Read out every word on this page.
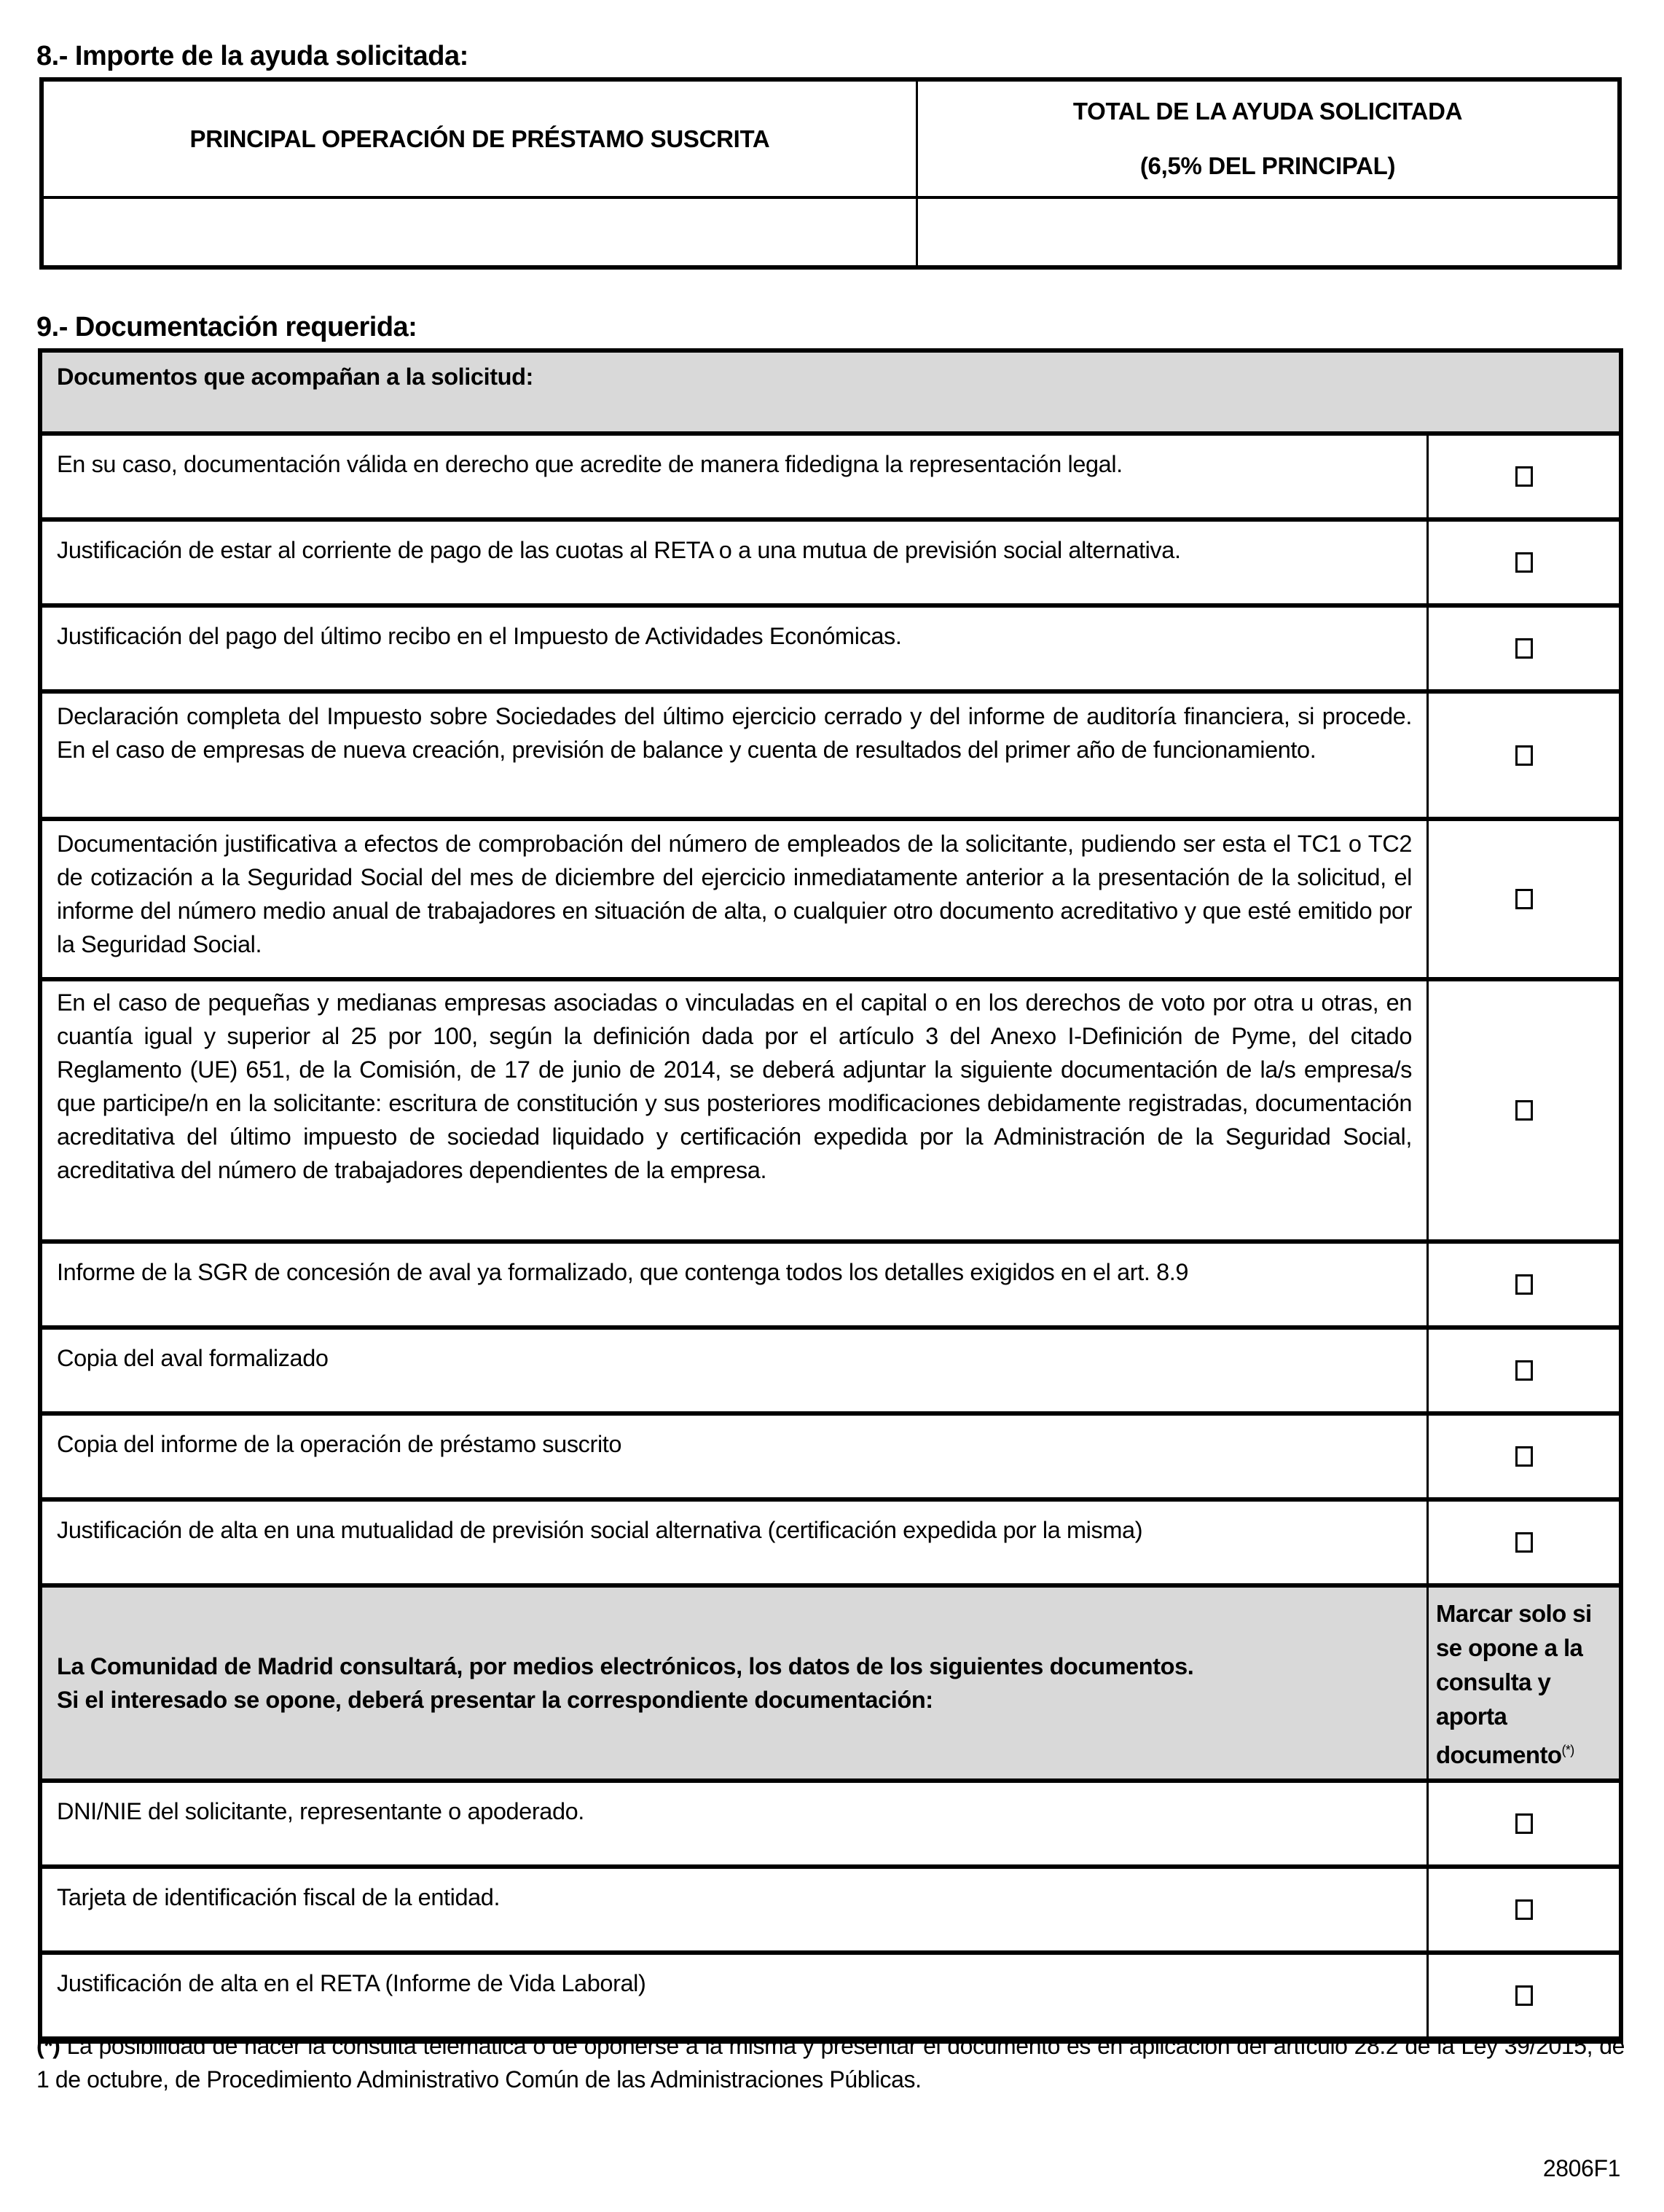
8.- Importe de la ayuda solicitada:
PRINCIPAL OPERACIÓN DE PRÉSTAMO SUSCRITA
TOTAL DE LA AYUDA SOLICITADA
(6,5% DEL PRINCIPAL)
9.- Documentación requerida:
Documentos que acompañan a la solicitud:
En su caso, documentación válida en derecho que acredite de manera fidedigna la representación legal.
Justificación de estar al corriente de pago de las cuotas al RETA o a una mutua de previsión social alternativa.
Justificación del pago del último recibo en el Impuesto de Actividades Económicas.
Declaración completa del Impuesto sobre Sociedades del último ejercicio cerrado y del informe de auditoría financiera, si procede. En el caso de empresas de nueva creación, previsión de balance y cuenta de resultados del primer año de funcionamiento.
Documentación justificativa a efectos de comprobación del número de empleados de la solicitante, pudiendo ser esta el TC1 o TC2 de cotización a la Seguridad Social del mes de diciembre del ejercicio inmediatamente anterior a la presentación de la solicitud, el informe del número medio anual de trabajadores en situación de alta, o cualquier otro documento acreditativo y que esté emitido por la Seguridad Social.
En el caso de pequeñas y medianas empresas asociadas o vinculadas en el capital o en los derechos de voto por otra u otras, en cuantía igual y superior al 25 por 100, según la definición dada por el artículo 3 del Anexo I-Definición de Pyme, del citado Reglamento (UE) 651, de la Comisión, de 17 de junio de 2014, se deberá adjuntar la siguiente documentación de la/s empresa/s que participe/n en la solicitante: escritura de constitución y sus posteriores modificaciones debidamente registradas, documentación acreditativa del último impuesto de sociedad liquidado y certificación expedida por la Administración de la Seguridad Social, acreditativa del número de trabajadores dependientes de la empresa.
Informe de la SGR de concesión de aval ya formalizado, que contenga todos los detalles exigidos en el art. 8.9
Copia del aval formalizado
Copia del informe de la operación de préstamo suscrito
Justificación de alta en una mutualidad de previsión social alternativa (certificación expedida por la misma)
La Comunidad de Madrid consultará, por medios electrónicos, los datos de los siguientes documentos.
Si el interesado se opone, deberá presentar la correspondiente documentación:
Marcar solo si se opone a la consulta y aporta documento(*)
DNI/NIE del solicitante, representante o apoderado.
Tarjeta de identificación fiscal de la entidad.
Justificación de alta en el RETA (Informe de Vida Laboral)
(*) La posibilidad de hacer la consulta telemática o de oponerse a la misma y presentar el documento es en aplicación del artículo 28.2 de la Ley 39/2015, de 1 de octubre, de Procedimiento Administrativo Común de las Administraciones Públicas.
2806F1
